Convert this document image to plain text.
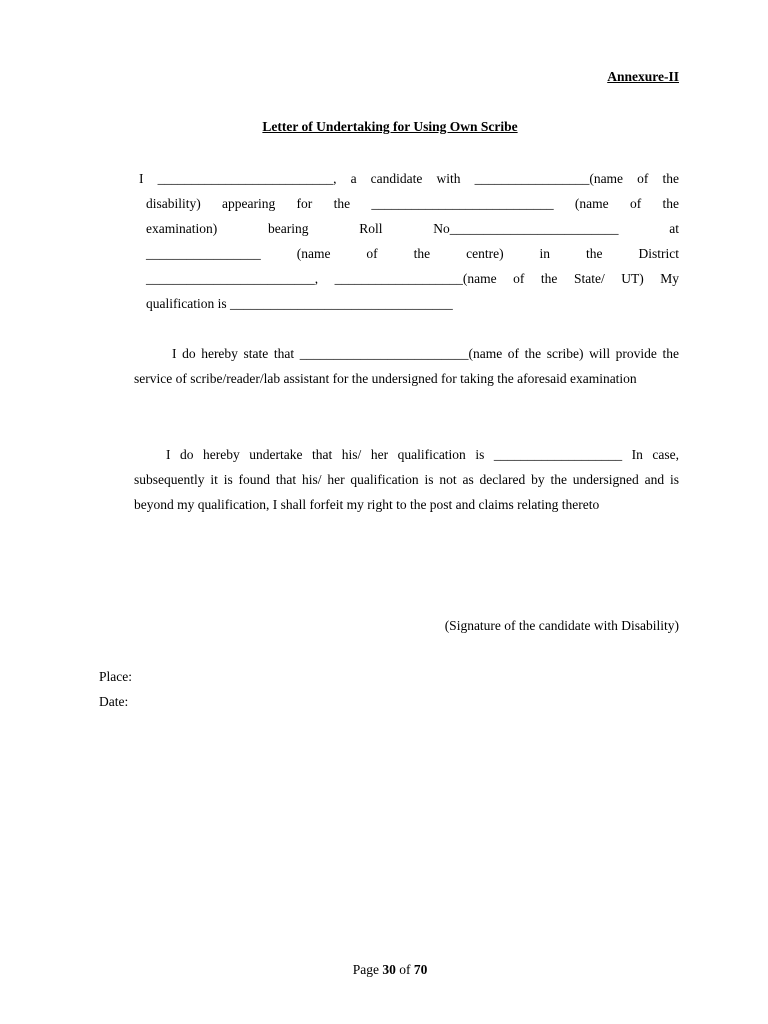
Annexure-II
Letter of Undertaking for Using Own Scribe
I __________________________, a candidate with _________________(name of the
disability) appearing for the ___________________________ (name of the
examination) bearing Roll No_________________________ at
_________________ (name of the centre) in the District
_________________________, ___________________(name of the State/ UT) My
qualification is _________________________________
I do hereby state that _________________________(name of the scribe) will provide the service of scribe/reader/lab assistant for the undersigned for taking the aforesaid examination
I do hereby undertake that his/ her qualification is ___________________ In case, subsequently it is found that his/ her qualification is not as declared by the undersigned and is beyond my qualification, I shall forfeit my right to the post and claims relating thereto
(Signature of the candidate with Disability)
Place:
Date:
Page 30 of 70
